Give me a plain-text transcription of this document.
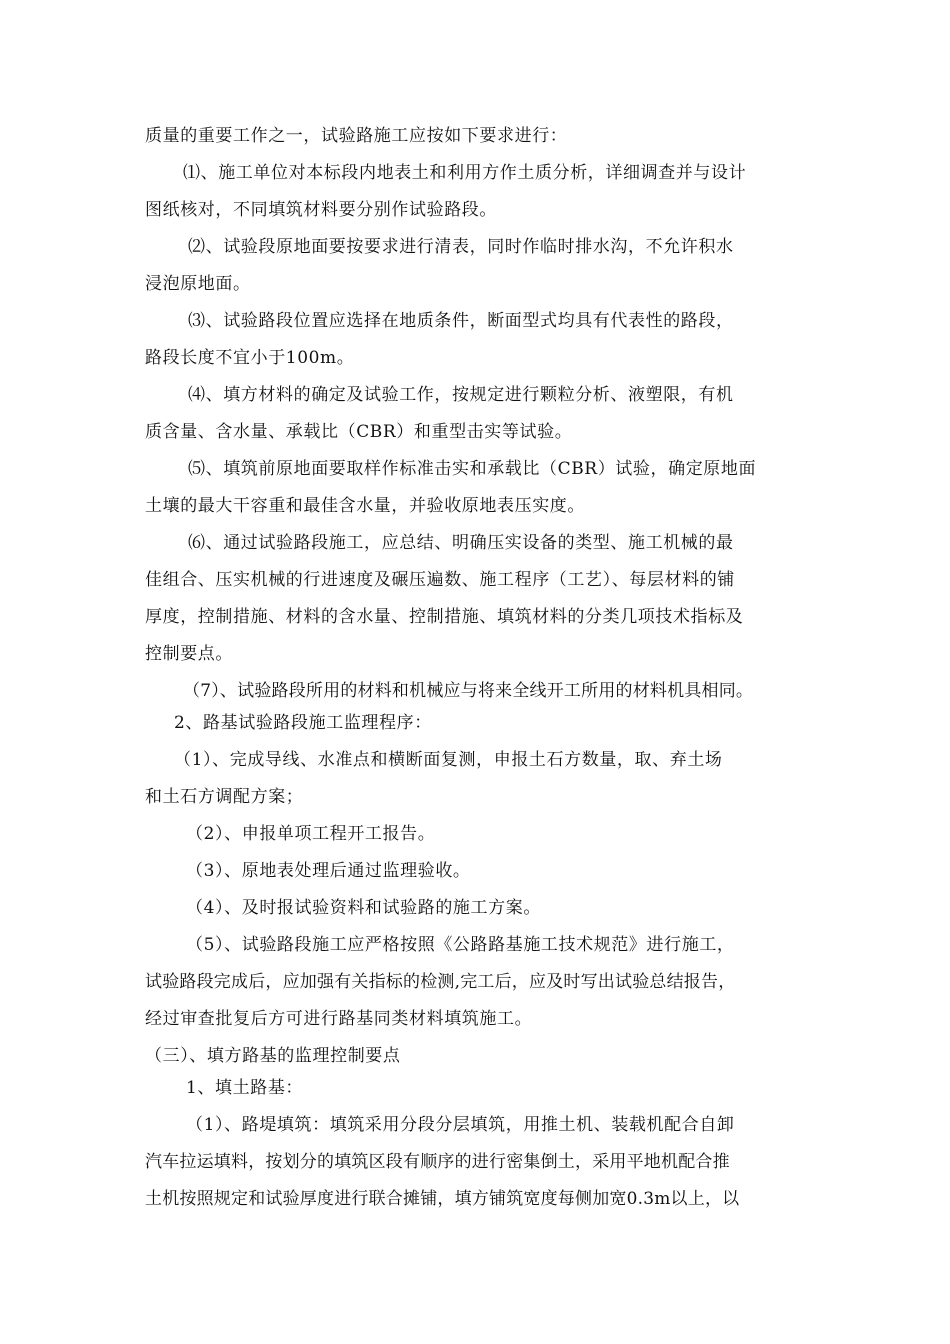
质量的重要工作之一，试验路施工应按如下要求进行：
⑴、施工单位对本标段内地表土和利用方作土质分析，详细调查并与设计
图纸核对，不同填筑材料要分别作试验路段。
⑵、试验段原地面要按要求进行清表，同时作临时排水沟，不允许积水
浸泡原地面。
⑶、试验路段位置应选择在地质条件，断面型式均具有代表性的路段，
路段长度不宜小于100m。
⑷、填方材料的确定及试验工作，按规定进行颗粒分析、液塑限，有机
质含量、含水量、承载比（CBR）和重型击实等试验。
⑸、填筑前原地面要取样作标准击实和承载比（CBR）试验，确定原地面
土壤的最大干容重和最佳含水量，并验收原地表压实度。
⑹、通过试验路段施工，应总结、明确压实设备的类型、施工机械的最
佳组合、压实机械的行进速度及碾压遍数、施工程序（工艺）、每层材料的铺
厚度，控制措施、材料的含水量、控制措施、填筑材料的分类几项技术指标及
控制要点。
（7）、试验路段所用的材料和机械应与将来全线开工所用的材料机具相同。
2、路基试验路段施工监理程序：
（1）、完成导线、水准点和横断面复测，申报土石方数量，取、弃土场
和土石方调配方案；
（2）、申报单项工程开工报告。
（3）、原地表处理后通过监理验收。
（4）、及时报试验资料和试验路的施工方案。
（5）、试验路段施工应严格按照《公路路基施工技术规范》进行施工，
试验路段完成后，应加强有关指标的检测,完工后，应及时写出试验总结报告，
经过审查批复后方可进行路基同类材料填筑施工。
（三）、填方路基的监理控制要点
1、填土路基：
（1）、路堤填筑：填筑采用分段分层填筑，用推土机、装载机配合自卸
汽车拉运填料，按划分的填筑区段有顺序的进行密集倒土，采用平地机配合推
土机按照规定和试验厚度进行联合摊铺，填方铺筑宽度每侧加宽0.3m以上，以
